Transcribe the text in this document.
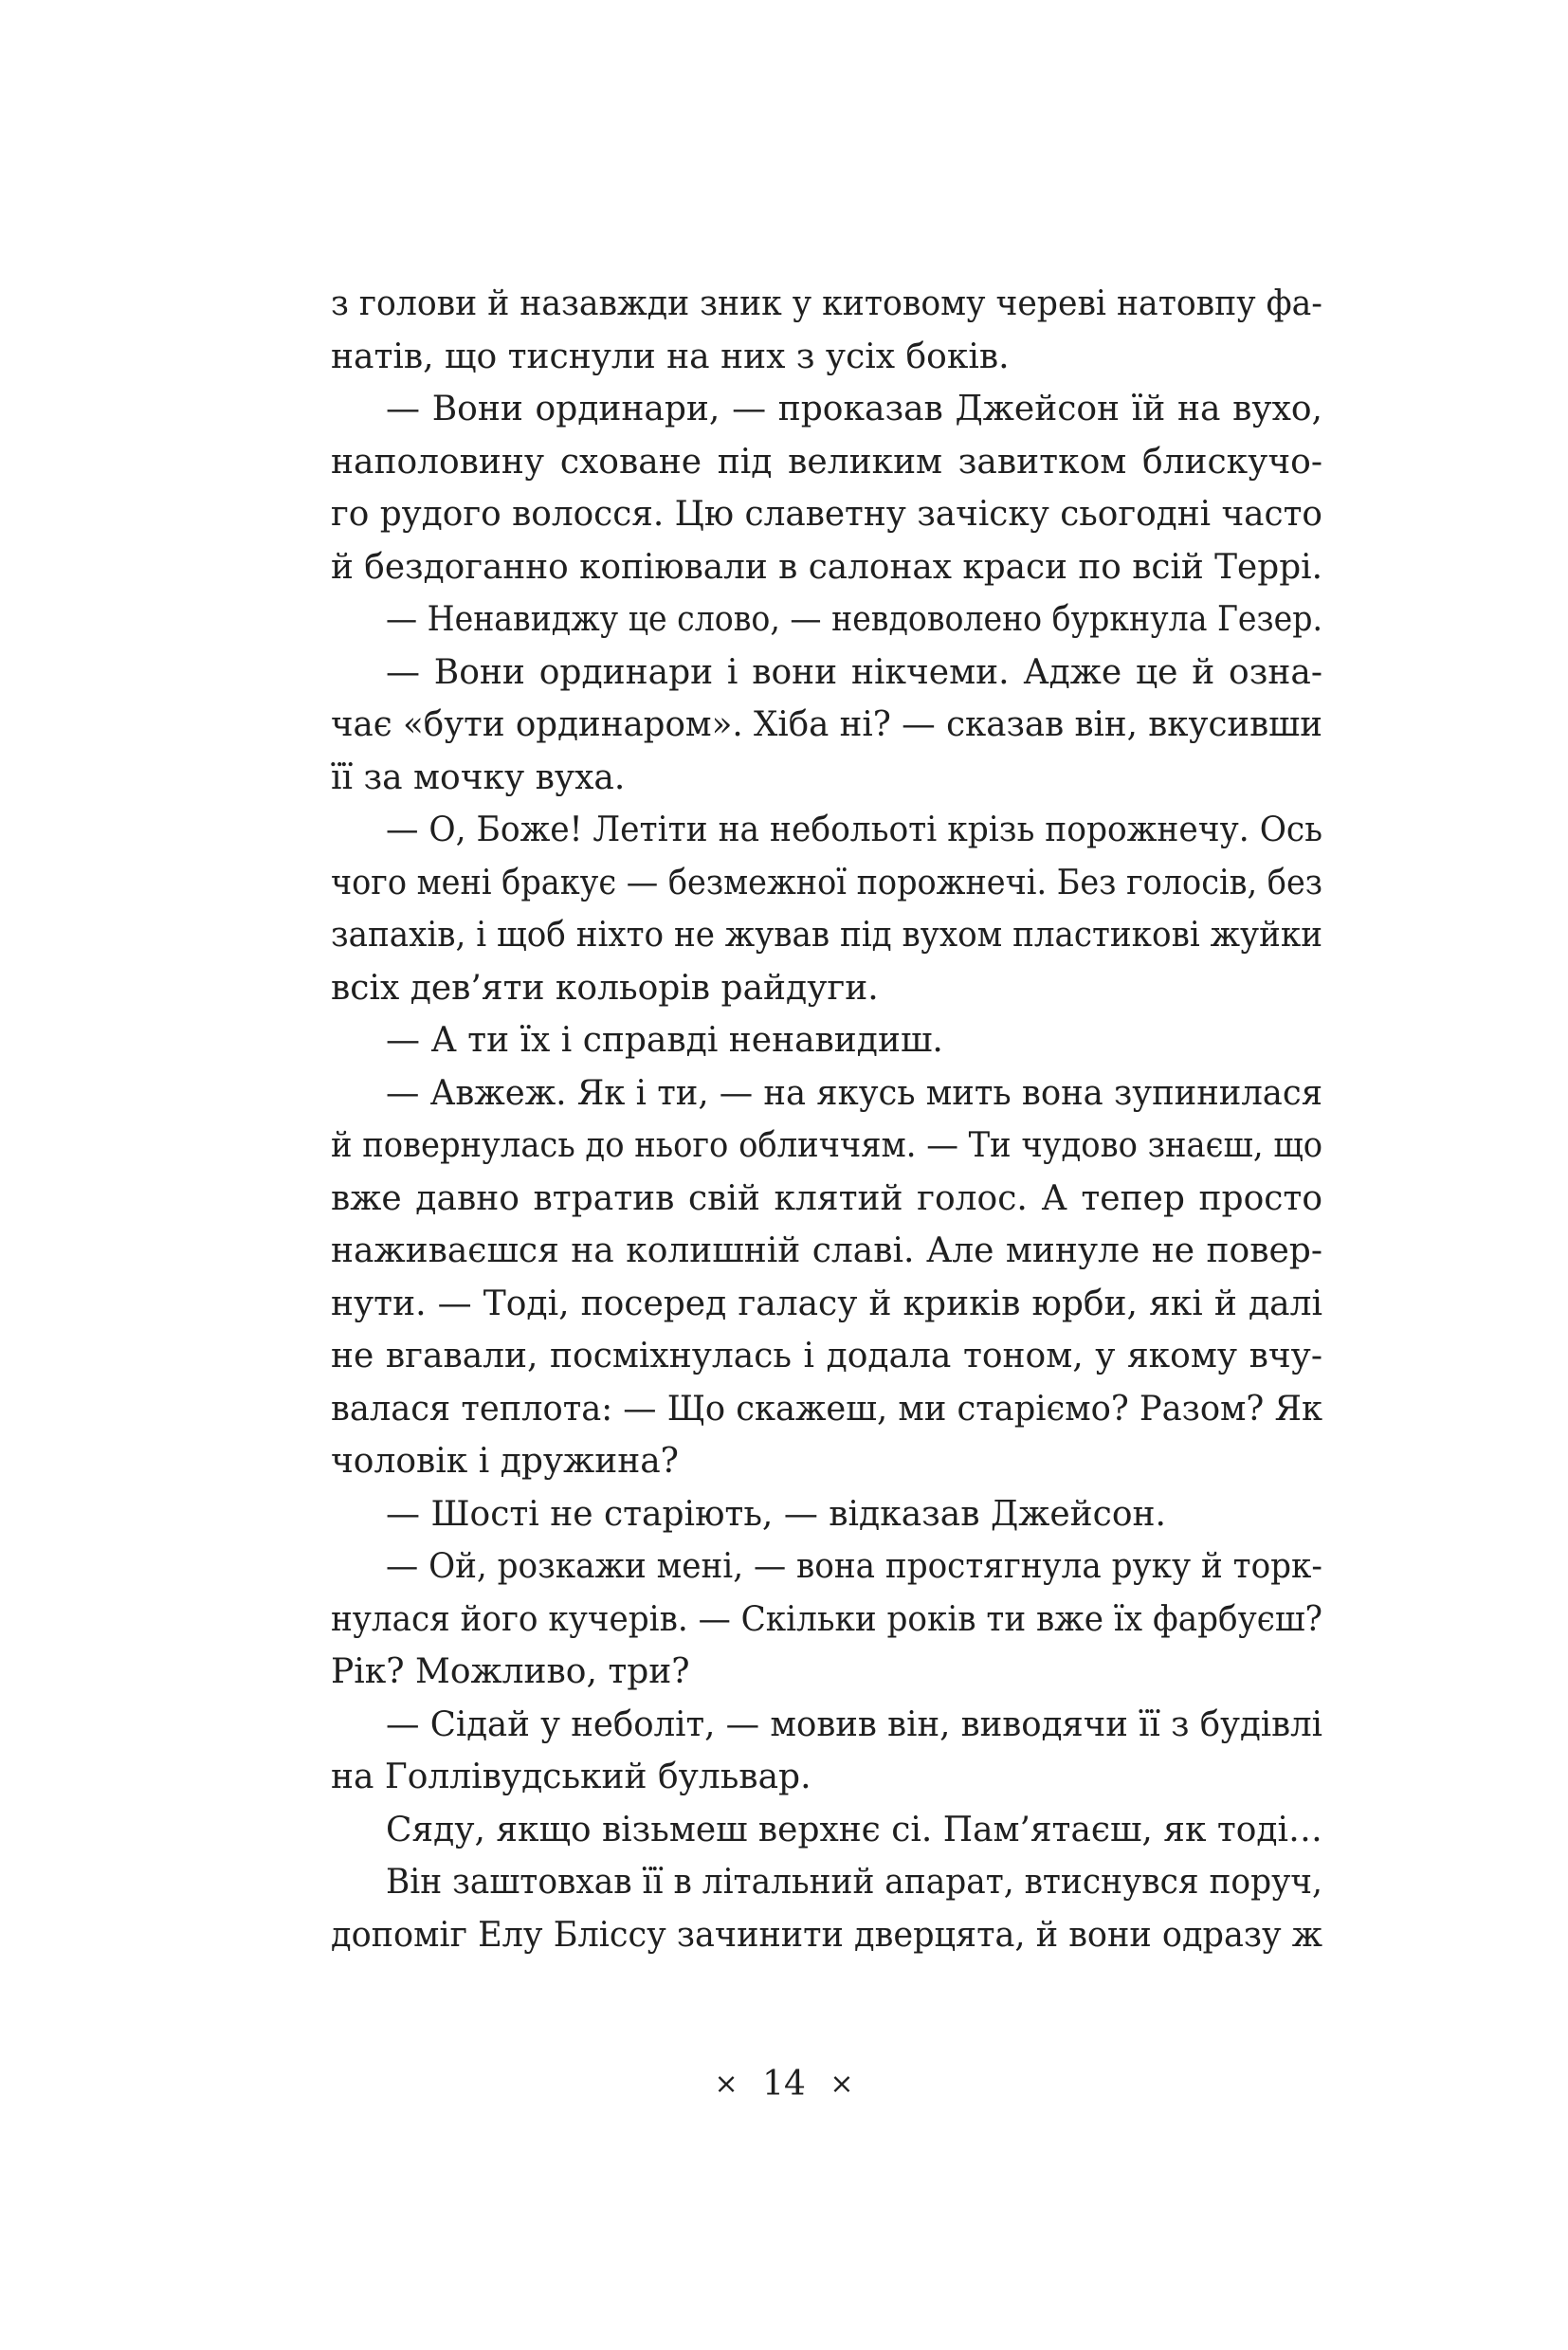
з голови й назавжди зник у китовому череві натовпу фа-
натів, що тиснули на них з усіх боків.
— Вони ординари, — проказав Джейсон їй на вухо,
наполовину сховане під великим завитком блискучо-
го рудого волосся. Цю славетну зачіску сьогодні часто
й бездоганно копіювали в салонах краси по всій Террі.
— Ненавиджу це слово, — невдоволено буркнула Гезер.
— Вони ординари і вони нікчеми. Адже це й озна-
чає «бути ординаром». Хіба ні? — сказав він, вкусивши
її за мочку вуха.
— О, Боже! Летіти на небольоті крізь порожнечу. Ось
чого мені бракує — безмежної порожнечі. Без голосів, без
запахів, і щоб ніхто не жував під вухом пластикові жуйки
всіх дев’яти кольорів райдуги.
— А ти їх і справді ненавидиш.
— Авжеж. Як і ти, — на якусь мить вона зупинилася
й повернулась до нього обличчям. — Ти чудово знаєш, що
вже давно втратив свій клятий голос. А тепер просто
наживаєшся на колишній славі. Але минуле не повер-
нути. — Тоді, посеред галасу й криків юрби, які й далі
не вгавали, посміхнулась і додала тоном, у якому вчу-
валася теплота: — Що скажеш, ми старіємо? Разом? Як
чоловік і дружина?
— Шості не старіють, — відказав Джейсон.
— Ой, розкажи мені, — вона простягнула руку й торк-
нулася його кучерів. — Скільки років ти вже їх фарбуєш?
Рік? Можливо, три?
— Сідай у неболіт, — мовив він, виводячи її з будівлі
на Голлівудський бульвар.
Сяду, якщо візьмеш верхнє сі. Пам’ятаєш, як тоді…
Він заштовхав її в літальний апарат, втиснувся поруч,
допоміг Елу Бліссу зачинити дверцята, й вони одразу ж
× 14 ×
